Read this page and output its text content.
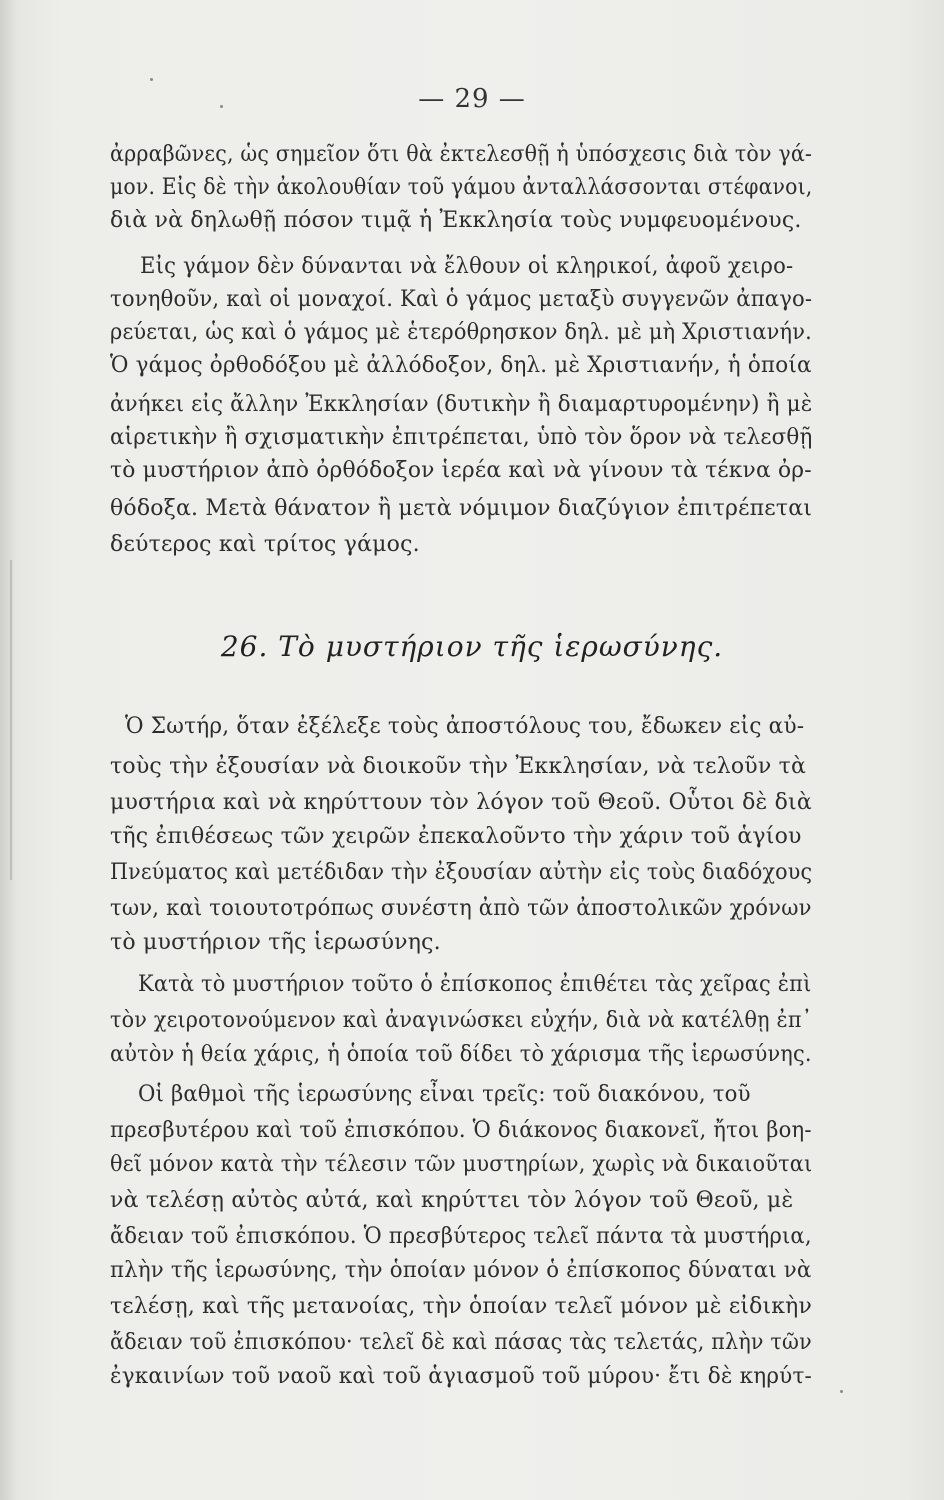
— 29 —
ἀρραβῶνες, ὡς σημεῖον ὅτι θὰ ἐκτελεσθῇ ἡ ὑπόσχεσις διὰ τὸν γά-
μον. Εἰς δὲ τὴν ἀκολουθίαν τοῦ γάμου ἀνταλλάσσονται στέφανοι,
διὰ νὰ δηλωθῇ πόσον τιμᾷ ἡ Ἐκκλησία τοὺς νυμφευομένους.
Εἰς γάμον δὲν δύνανται νὰ ἔλθουν οἱ κληρικοί, ἀφοῦ χειρο-
τονηθοῦν, καὶ οἱ μοναχοί. Καὶ ὁ γάμος μεταξὺ συγγενῶν ἀπαγο-
ρεύεται, ὡς καὶ ὁ γάμος μὲ ἑτερόθρησκον δηλ. μὲ μὴ Χριστιανήν.
Ὁ γάμος ὀρθοδόξου μὲ ἀλλόδοξον, δηλ. μὲ Χριστιανήν, ἡ ὁποία
ἀνήκει εἰς ἄλλην Ἐκκλησίαν (δυτικὴν ἢ διαμαρτυρομένην) ἢ μὲ
αἱρετικὴν ἢ σχισματικὴν ἐπιτρέπεται, ὑπὸ τὸν ὅρον νὰ τελεσθῇ
τὸ μυστήριον ἀπὸ ὀρθόδοξον ἱερέα καὶ νὰ γίνουν τὰ τέκνα ὀρ-
θόδοξα. Μετὰ θάνατον ἢ μετὰ νόμιμον διαζύγιον ἐπιτρέπεται
δεύτερος καὶ τρίτος γάμος.
26. Τὸ μυστήριον τῆς ἱερωσύνης.
Ὁ Σωτήρ, ὅταν ἐξέλεξε τοὺς ἀποστόλους του, ἔδωκεν εἰς αὐ-
τοὺς τὴν ἐξουσίαν νὰ διοικοῦν τὴν Ἐκκλησίαν, νὰ τελοῦν τὰ
μυστήρια καὶ νὰ κηρύττουν τὸν λόγον τοῦ Θεοῦ. Οὗτοι δὲ διὰ
τῆς ἐπιθέσεως τῶν χειρῶν ἐπεκαλοῦντο τὴν χάριν τοῦ ἁγίου
Πνεύματος καὶ μετέδιδαν τὴν ἐξουσίαν αὐτὴν εἰς τοὺς διαδόχους
των, καὶ τοιουτοτρόπως συνέστη ἀπὸ τῶν ἀποστολικῶν χρόνων
τὸ μυστήριον τῆς ἱερωσύνης.
Κατὰ τὸ μυστήριον τοῦτο ὁ ἐπίσκοπος ἐπιθέτει τὰς χεῖρας ἐπὶ
τὸν χειροτονούμενον καὶ ἀναγινώσκει εὐχήν, διὰ νὰ κατέλθῃ ἐπ᾽
αὐτὸν ἡ θεία χάρις, ἡ ὁποία τοῦ δίδει τὸ χάρισμα τῆς ἱερωσύνης.
Οἱ βαθμοὶ τῆς ἱερωσύνης εἶναι τρεῖς: τοῦ διακόνου, τοῦ
πρεσβυτέρου καὶ τοῦ ἐπισκόπου. Ὁ διάκονος διακονεῖ, ἤτοι βοη-
θεῖ μόνον κατὰ τὴν τέλεσιν τῶν μυστηρίων, χωρὶς νὰ δικαιοῦται
νὰ τελέσῃ αὐτὸς αὐτά, καὶ κηρύττει τὸν λόγον τοῦ Θεοῦ, μὲ
ἄδειαν τοῦ ἐπισκόπου. Ὁ πρεσβύτερος τελεῖ πάντα τὰ μυστήρια,
πλὴν τῆς ἱερωσύνης, τὴν ὁποίαν μόνον ὁ ἐπίσκοπος δύναται νὰ
τελέσῃ, καὶ τῆς μετανοίας, τὴν ὁποίαν τελεῖ μόνον μὲ εἰδικὴν
ἄδειαν τοῦ ἐπισκόπου· τελεῖ δὲ καὶ πάσας τὰς τελετάς, πλὴν τῶν
ἐγκαινίων τοῦ ναοῦ καὶ τοῦ ἁγιασμοῦ τοῦ μύρου· ἔτι δὲ κηρύτ-
